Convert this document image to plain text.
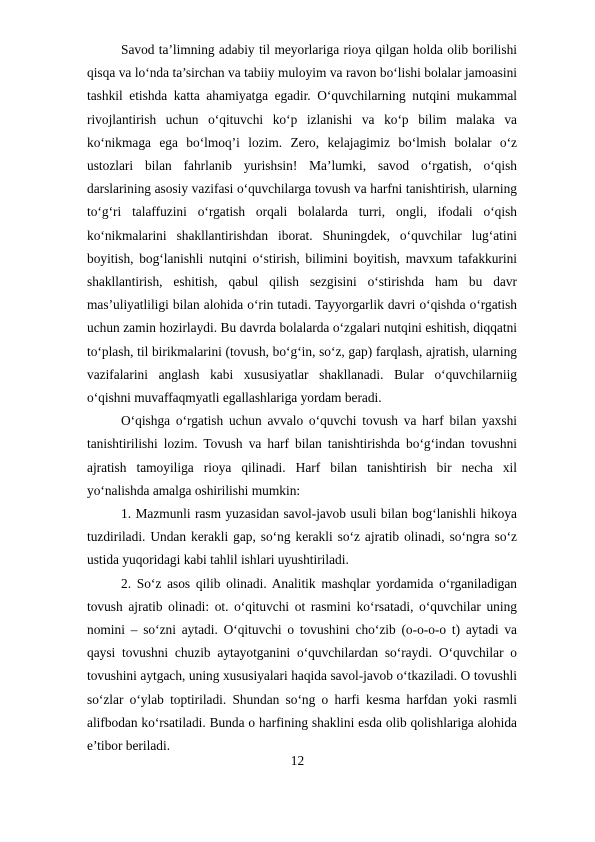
Savod ta’limning adabiy til meyorlariga rioya qilgan holda olib borilishi qisqa va lo‘nda ta’sirchan va tabiiy muloyim va ravon bo‘lishi bolalar jamoasini tashkil etishda katta ahamiyatga egadir. O‘quvchilarning nutqini mukammal rivojlantirish uchun o‘qituvchi ko‘p izlanishi va ko‘p bilim malaka va ko‘nikmaga ega bo‘lmoq’i lozim. Zero, kelajagimiz bo‘lmish bolalar o‘z ustozlari bilan fahrlanib yurishsin! Ma’lumki, savod o‘rgatish, o‘qish darslarining asosiy vazifasi o‘quvchilarga tovush va harfni tanishtirish, ularning to‘g‘ri talaffuzini o‘rgatish orqali bolalarda turri, ongli, ifodali o‘qish ko‘nikmalarini shakllantirishdan iborat. Shuningdek, o‘quvchilar lug‘atini boyitish, bog‘lanishli nutqini o‘stirish, bilimini boyitish, mavxum tafakkurini shakllantirish, eshitish, qabul qilish sezgisini o‘stirishda ham bu davr mas’uliyatliligi bilan alohida o‘rin tutadi. Tayyorgarlik davri o‘qishda o‘rgatish uchun zamin hozirlaydi. Bu davrda bolalarda o‘zgalari nutqini eshitish, diqqatni to‘plash, til birikmalarini (tovush, bo‘g‘in, so‘z, gap) farqlash, ajratish, ularning vazifalarini anglash kabi xususiyatlar shakllanadi. Bular o‘quvchilarniig o‘qishni muvaffaqmyatli egallashlariga yordam beradi.

O‘qishga o‘rgatish uchun avvalo o‘quvchi tovush va harf bilan yaxshi tanishtirilishi lozim. Tovush va harf bilan tanishtirishda bo‘g‘indan tovushni ajratish tamoyiliga rioya qilinadi. Harf bilan tanishtirish bir necha xil yo‘nalishda amalga oshirilishi mumkin:

1. Mazmunli rasm yuzasidan savol-javob usuli bilan bog‘lanishli hikoya tuzdiriladi. Undan kerakli gap, so‘ng kerakli so‘z ajratib olinadi, so‘ngra so‘z ustida yuqoridagi kabi tahlil ishlari uyushtiriladi.

2. So‘z asos qilib olinadi. Analitik mashqlar yordamida o‘rganiladigan tovush ajratib olinadi: ot. o‘qituvchi ot rasmini ko‘rsatadi, o‘quvchilar uning nomini – so‘zni aytadi. O‘qituvchi o tovushini cho‘zib (o-o-o-o t) aytadi va qaysi tovushni chuzib aytayotganini o‘quvchilardan so‘raydi. O‘quvchilar o tovushini aytgach, uning xususiyalari haqida savol-javob o‘tkaziladi. O tovushli so‘zlar o‘ylab toptiriladi. Shundan so‘ng o harfi kesma harfdan yoki rasmli alifbodan ko‘rsatiladi. Bunda o harfining shaklini esda olib qolishlariga alohida e’tibor beriladi.

12
